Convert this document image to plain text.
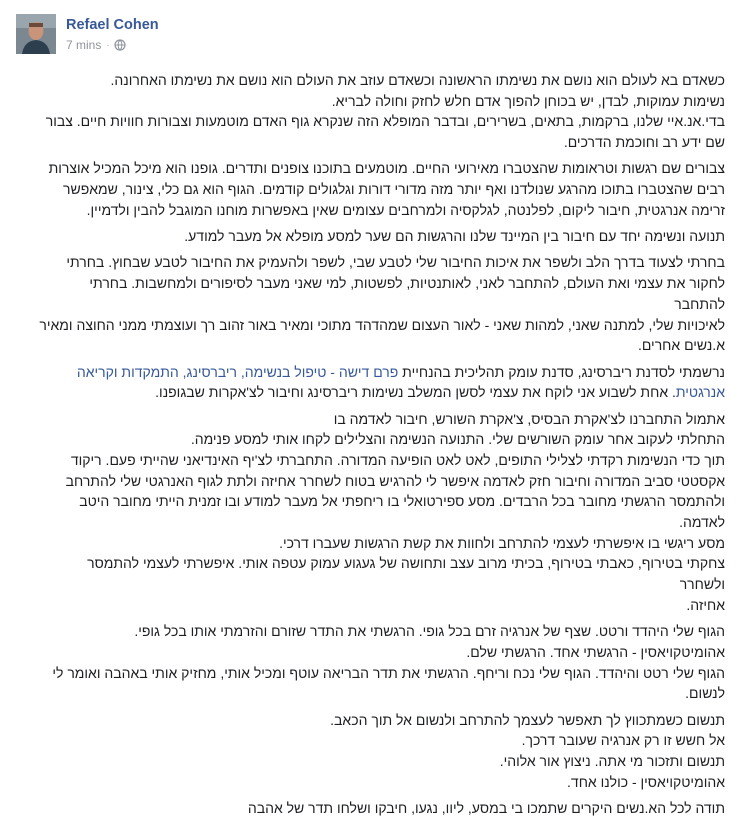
Refael Cohen
7 mins ·
כשאדם בא לעולם הוא נושם את נשימתו הראשונה וכשאדם עוזב את העולם הוא נושם את נשימתו האחרונה.
נשימות עמוקות, לבדן, יש בכוחן להפוך אדם חלש לחזק וחולה לבריא.
בדי.אנ.איי שלנו, ברקמות, בתאים, בשרירים, ובדבר המופלא הזה שנקרא גוף האדם מוטמעות וצבורות חוויות חיים. צבור
שם ידע רב וחוכמת הדרכים.
צבורים שם רגשות וטראומות שהצטברו מאירועי החיים. מוטמעים בתוכנו צופנים ותדרים. גופנו הוא מיכל המכיל אוצרות
רבים שהצטברו בתוכו מהרגע שנולדנו ואף יותר מזה מדורי דורות וגלגולים קודמים. הגוף הוא גם כלי, צינור, שמאפשר
זרימה אנרגטית, חיבור ליקום, לפלנטה, לגלקסיה ולמרחבים עצומים שאין באפשרות מוחנו המוגבל להבין ולדמיין.
תנועה ונשימה יחד עם חיבור בין המיינד שלנו והרגשות הם שער למסע מופלא אל מעבר למודע.
בחרתי לצעוד בדרך הלב ולשפר את איכות החיבור שלי לטבע שבי, לשפר ולהעמיק את החיבור לטבע שבחוץ. בחרתי
לחקור את עצמי ואת העולם, להתחבר לאני, לאותנטיות, לפשטות, למי שאני מעבר לסיפורים ולמחשבות. בחרתי להתחבר
לאיכויות שלי, למתנה שאני, למהות שאני - לאור העצום שמהדהד מתוכי ומאיר באור זהוב רך ועוצמתי ממני החוצה ומאיר
א.נשים אחרים.
נרשמתי לסדנת ריברסינג, סדנת עומק תהליכית בהנחיית פרם דישה - טיפול בנשימה, ריברסינג, התמקדות וקריאה
אנרגטית. אחת לשבוע אני לוקח את עצמי לסשן המשלב נשימות ריברסינג וחיבור לצ'אקרות שבגופנו.
אתמול התחברנו לצ'אקרת הבסיס, צ'אקרת השורש, חיבור לאדמה בו
התחלתי לעקוב אחר עומק השורשים שלי. התנועה הנשימה והצלילים לקחו אותי למסע פנימה.
תוך כדי הנשימות רקדתי לצלילי התופים, לאט לאט הופיעה המדורה. התחברתי לצ'יף האינדיאני שהייתי פעם. ריקוד
אקסטטי סביב המדורה וחיבור חזק לאדמה איפשר לי להרגיש בטוח לשחרר אחיזה ולתת לגוף האנרגטי שלי להתרחב
ולהתמסר הרגשתי מחובר בכל הרבדים. מסע ספירטואלי בו ריחפתי אל מעבר למודע ובו זמנית הייתי מחובר היטב לאדמה.
מסע ריגשי בו איפשרתי לעצמי להתרחב ולחוות את קשת הרגשות שעברו דרכי.
צחקתי בטירוף, כאבתי בטירוף, בכיתי מרוב עצב ותחושה של געגוע עמוק עטפה אותי. איפשרתי לעצמי להתמסר ולשחרר
אחיזה.
הגוף שלי היהדד ורטט. שצף של אנרגיה זרם בכל גופי. הרגשתי את התדר שזורם והזרמתי אותו בכל גופי.
אהומיטקויאסין - הרגשתי אחד. הרגשתי שלם.
הגוף שלי רטט והיהדד. הגוף שלי נכח וריחף. הרגשתי את תדר הבריאה עוטף ומכיל אותי, מחזיק אותי באהבה ואומר לי
לנשום.
תנשום כשמתכווץ לך תאפשר לעצמך להתרחב ולנשום אל תוך הכאב.
אל חשש זו רק אנרגיה שעובר דרכך.
תנשום ותזכור מי אתה. ניצוץ אור אלוהי.
אהומיטקויאסין - כולנו אחד.
תודה לכל הא.נשים היקרים שתמכו בי במסע, ליוו, נגעו, חיבקו ושלחו תדר של אהבה
